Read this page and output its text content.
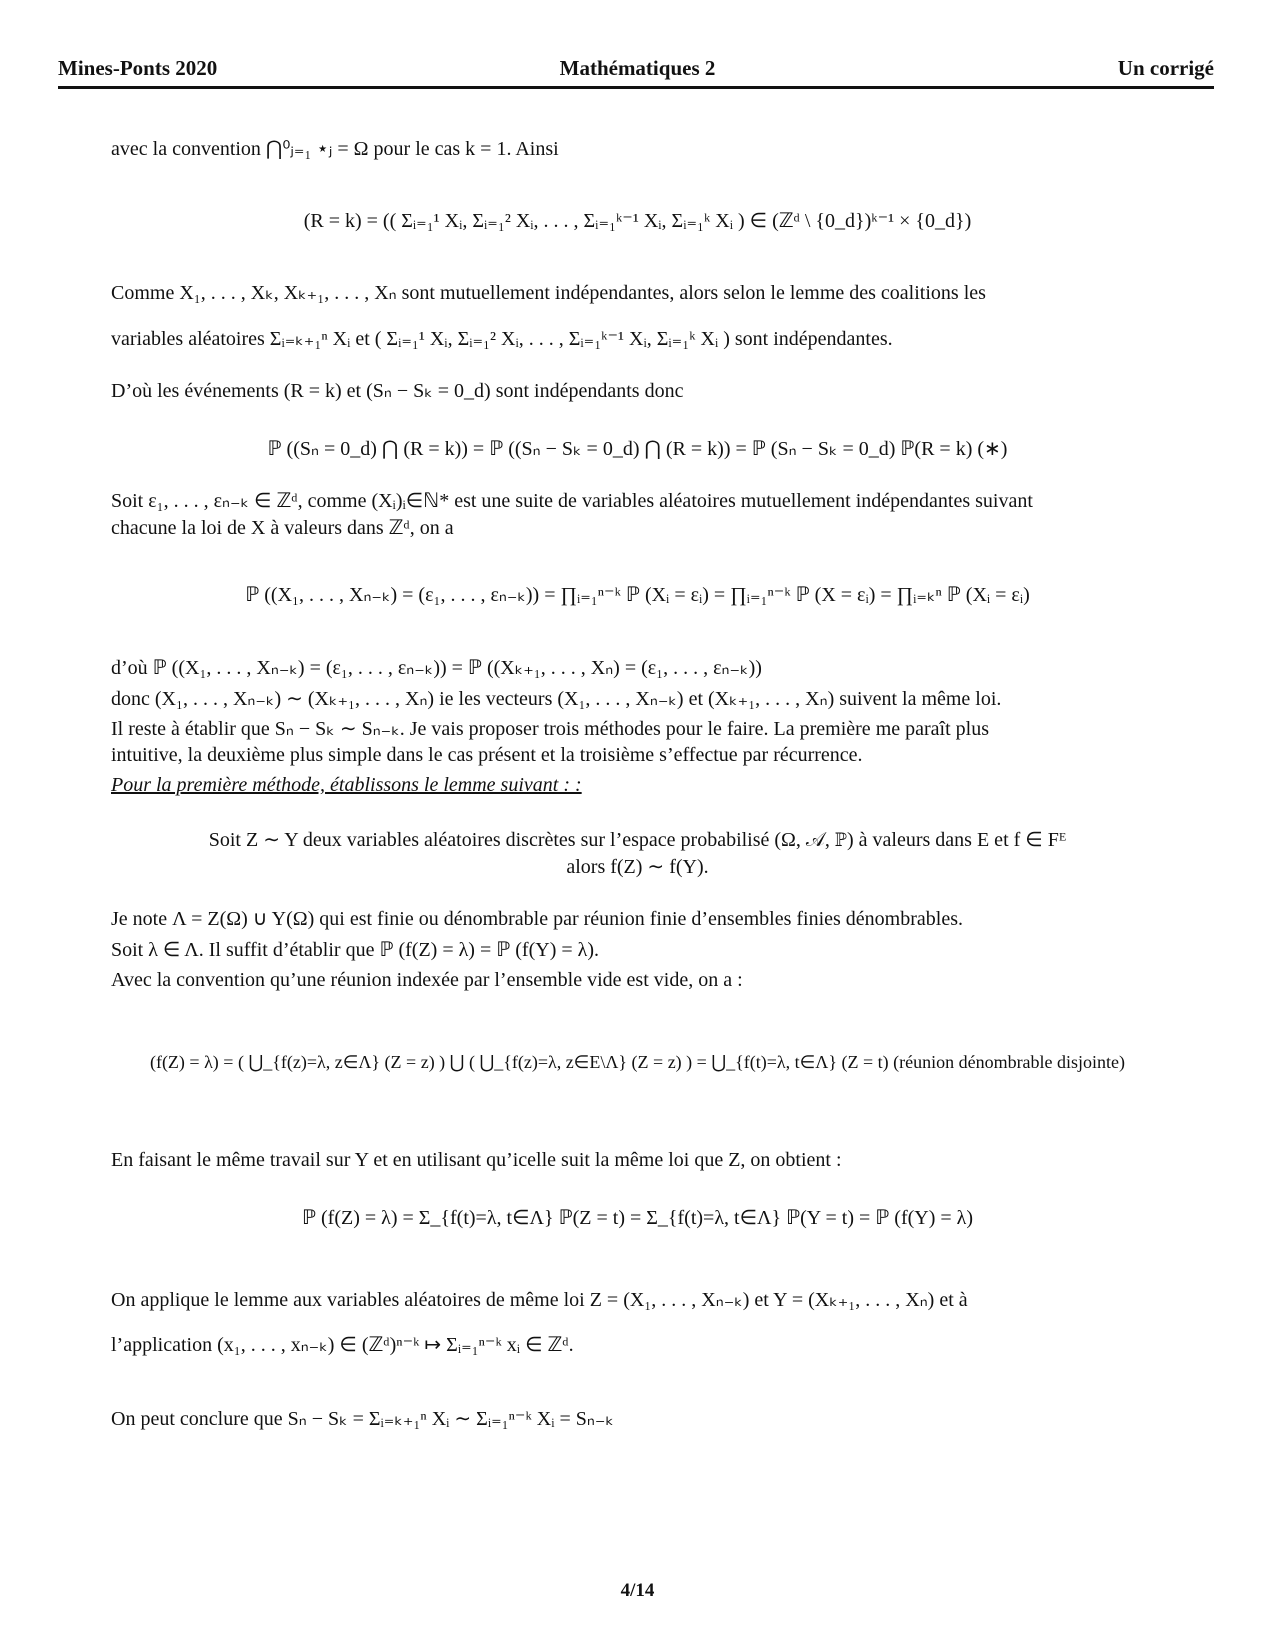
Mines-Ponts 2020	Mathématiques 2	Un corrigé
avec la convention ⋂⁰ⱼ₌₁ ⋆ⱼ = Ω pour le cas k = 1. Ainsi
(R = k) = (( Σᵢ₌₁¹ Xᵢ, Σᵢ₌₁² Xᵢ, . . . , Σᵢ₌₁ᵏ⁻¹ Xᵢ, Σᵢ₌₁ᵏ Xᵢ ) ∈ (ℤᵈ \ {0_d})ᵏ⁻¹ × {0_d})
Comme X₁, . . . , Xₖ, Xₖ₊₁, . . . , Xₙ sont mutuellement indépendantes, alors selon le lemme des coalitions les
variables aléatoires Σᵢ₌ₖ₊₁ⁿ Xᵢ et ( Σᵢ₌₁¹ Xᵢ, Σᵢ₌₁² Xᵢ, . . . , Σᵢ₌₁ᵏ⁻¹ Xᵢ, Σᵢ₌₁ᵏ Xᵢ ) sont indépendantes.
D’où les événements (R = k) et (Sₙ − Sₖ = 0_d) sont indépendants donc
ℙ ((Sₙ = 0_d) ⋂ (R = k)) = ℙ ((Sₙ − Sₖ = 0_d) ⋂ (R = k)) = ℙ (Sₙ − Sₖ = 0_d) ℙ(R = k) (∗)
Soit ε₁, . . . , εₙ₋ₖ ∈ ℤᵈ, comme (Xᵢ)ᵢ∈ℕ* est une suite de variables aléatoires mutuellement indépendantes suivant
chacune la loi de X à valeurs dans ℤᵈ, on a
ℙ ((X₁, . . . , Xₙ₋ₖ) = (ε₁, . . . , εₙ₋ₖ)) = ∏ᵢ₌₁ⁿ⁻ᵏ ℙ (Xᵢ = εᵢ) = ∏ᵢ₌₁ⁿ⁻ᵏ ℙ (X = εᵢ) = ∏ᵢ₌ₖⁿ ℙ (Xᵢ = εᵢ)
d’où ℙ ((X₁, . . . , Xₙ₋ₖ) = (ε₁, . . . , εₙ₋ₖ)) = ℙ ((Xₖ₊₁, . . . , Xₙ) = (ε₁, . . . , εₙ₋ₖ))
donc (X₁, . . . , Xₙ₋ₖ) ∼ (Xₖ₊₁, . . . , Xₙ) ie les vecteurs (X₁, . . . , Xₙ₋ₖ) et (Xₖ₊₁, . . . , Xₙ) suivent la même loi.
Il reste à établir que Sₙ − Sₖ ∼ Sₙ₋ₖ. Je vais proposer trois méthodes pour le faire. La première me paraît plus
intuitive, la deuxième plus simple dans le cas présent et la troisième s’effectue par récurrence.
Pour la première méthode, établissons le lemme suivant : :
Soit Z ∼ Y deux variables aléatoires discrètes sur l’espace probabilisé (Ω, 𝒜, ℙ) à valeurs dans E et f ∈ Fᴱ
alors f(Z) ∼ f(Y).
Je note Λ = Z(Ω) ∪ Y(Ω) qui est finie ou dénombrable par réunion finie d’ensembles finies dénombrables.
Soit λ ∈ Λ. Il suffit d’établir que ℙ (f(Z) = λ) = ℙ (f(Y) = λ).
Avec la convention qu’une réunion indexée par l’ensemble vide est vide, on a :
(f(Z) = λ) = ( ⋃_{f(z)=λ, z∈Λ} (Z = z) ) ⋃ ( ⋃_{f(z)=λ, z∈E\Λ} (Z = z) ) = ⋃_{f(t)=λ, t∈Λ} (Z = t) (réunion dénombrable disjointe)
En faisant le même travail sur Y et en utilisant qu’icelle suit la même loi que Z, on obtient :
ℙ (f(Z) = λ) = Σ_{f(t)=λ, t∈Λ} ℙ(Z = t) = Σ_{f(t)=λ, t∈Λ} ℙ(Y = t) = ℙ (f(Y) = λ)
On applique le lemme aux variables aléatoires de même loi Z = (X₁, . . . , Xₙ₋ₖ) et Y = (Xₖ₊₁, . . . , Xₙ) et à
l’application (x₁, . . . , xₙ₋ₖ) ∈ (ℤᵈ)ⁿ⁻ᵏ ↦ Σᵢ₌₁ⁿ⁻ᵏ xᵢ ∈ ℤᵈ.
On peut conclure que Sₙ − Sₖ = Σᵢ₌ₖ₊₁ⁿ Xᵢ ∼ Σᵢ₌₁ⁿ⁻ᵏ Xᵢ = Sₙ₋ₖ
4/14
